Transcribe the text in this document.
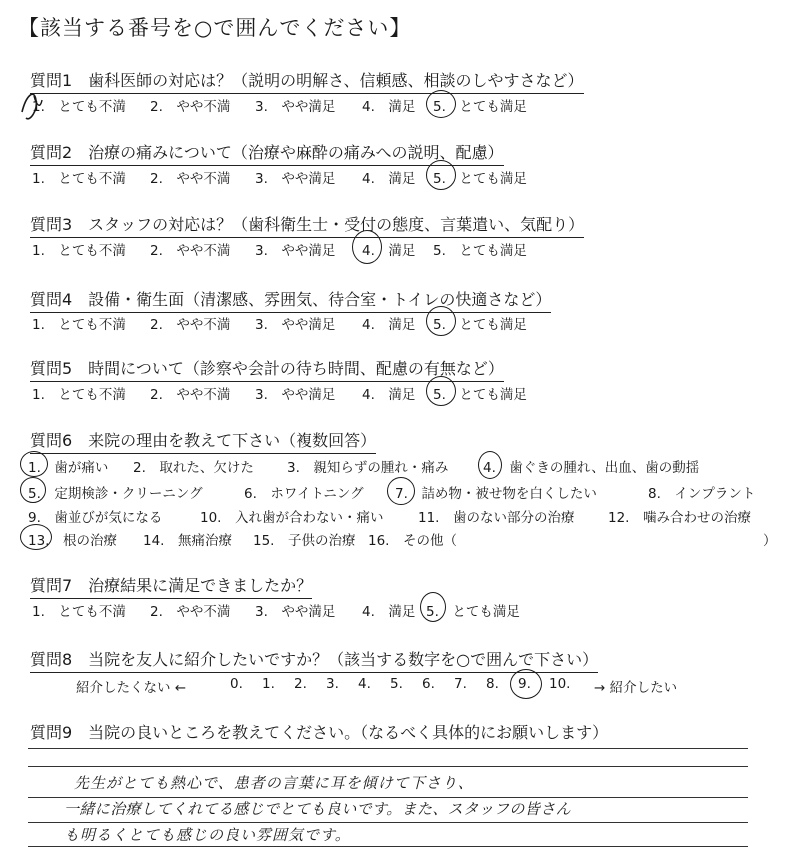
【該当する番号を○で囲んでください】
質問1　歯科医師の対応は？（説明の明解さ、信頼感、相談のしやすさなど）
1.　とても不満 2.　やや不満 3.　やや満足 4.　満足 5.　とても満足
質問2　治療の痛みについて（治療や麻酔の痛みへの説明、配慮）
1.　とても不満 2.　やや不満 3.　やや満足 4.　満足 5.　とても満足
質問3　スタッフの対応は？（歯科衛生士・受付の態度、言葉遣い、気配り）
1.　とても不満 2.　やや不満 3.　やや満足 4.　満足 5.　とても満足
質問4　設備・衛生面（清潔感、雰囲気、待合室・トイレの快適さなど）
1.　とても不満 2.　やや不満 3.　やや満足 4.　満足 5.　とても満足
質問5　時間について（診察や会計の待ち時間、配慮の有無など）
1.　とても不満 2.　やや不満 3.　やや満足 4.　満足 5.　とても満足
質問6　来院の理由を教えて下さい（複数回答）
1.　歯が痛い 2.　取れた、欠けた 3.　親知らずの腫れ・痛み	4.　歯ぐきの腫れ、出血、歯の動揺
5.　定期検診・クリーニング	6.　ホワイトニング 7.　詰め物・被せ物を白くしたい	8.　インプラント
9.　歯並びが気になる	10.　入れ歯が合わない・痛い	11.　歯のない部分の治療 12.　噛み合わせの治療
13.　根の治療 14.　無痛治療 15.　子供の治療 16.　その他（	）
質問7　治療結果に満足できましたか？
1.　とても不満 2.　やや不満 3.　やや満足 4.　満足 5.　とても満足
質問8　当院を友人に紹介したいですか？（該当する数字を○で囲んで下さい）
紹介したくない ←	0. 1. 2. 3. 4. 5. 6. 7. 8. 9. 10. → 紹介したい
質問9　当院の良いところを教えてください。（なるべく具体的にお願いします）
先生がとても熱心で、患者の言葉に耳を傾けて下さり、
一緒に治療してくれてる感じでとても良いです。また、スタッフの皆さん
も明るくとても感じの良い雰囲気です。
